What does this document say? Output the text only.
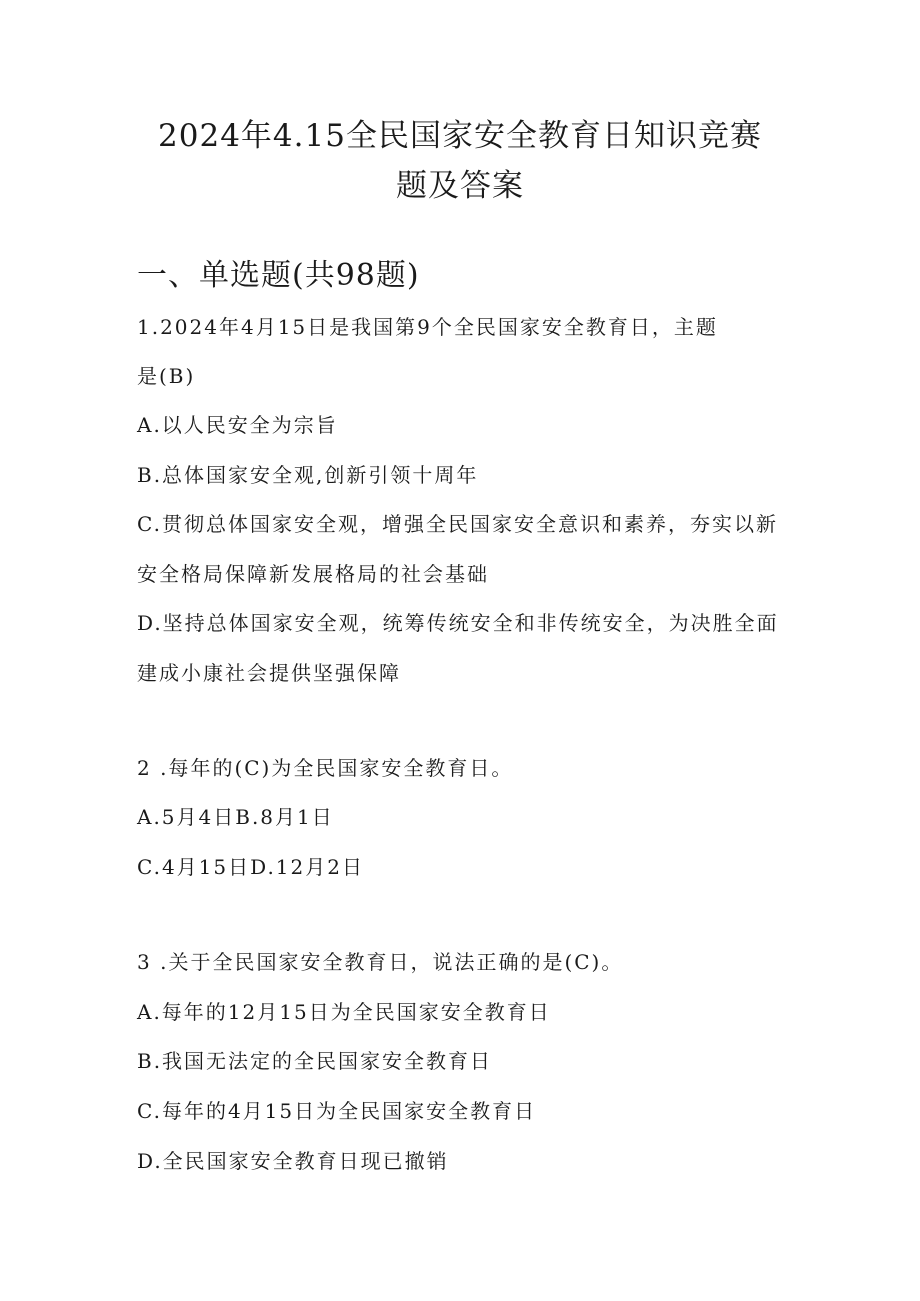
2024年4.15全民国家安全教育日知识竞赛
题及答案
一、单选题(共98题)
1.2024年4月15日是我国第9个全民国家安全教育日，主题
是(B)
A.以人民安全为宗旨
B.总体国家安全观,创新引领十周年
C.贯彻总体国家安全观，增强全民国家安全意识和素养，夯实以新
安全格局保障新发展格局的社会基础
D.坚持总体国家安全观，统筹传统安全和非传统安全，为决胜全面
建成小康社会提供坚强保障
2 .每年的(C)为全民国家安全教育日。
A.5月4日B.8月1日
C.4月15日D.12月2日
3 .关于全民国家安全教育日，说法正确的是(C)。
A.每年的12月15日为全民国家安全教育日
B.我国无法定的全民国家安全教育日
C.每年的4月15日为全民国家安全教育日
D.全民国家安全教育日现已撤销
